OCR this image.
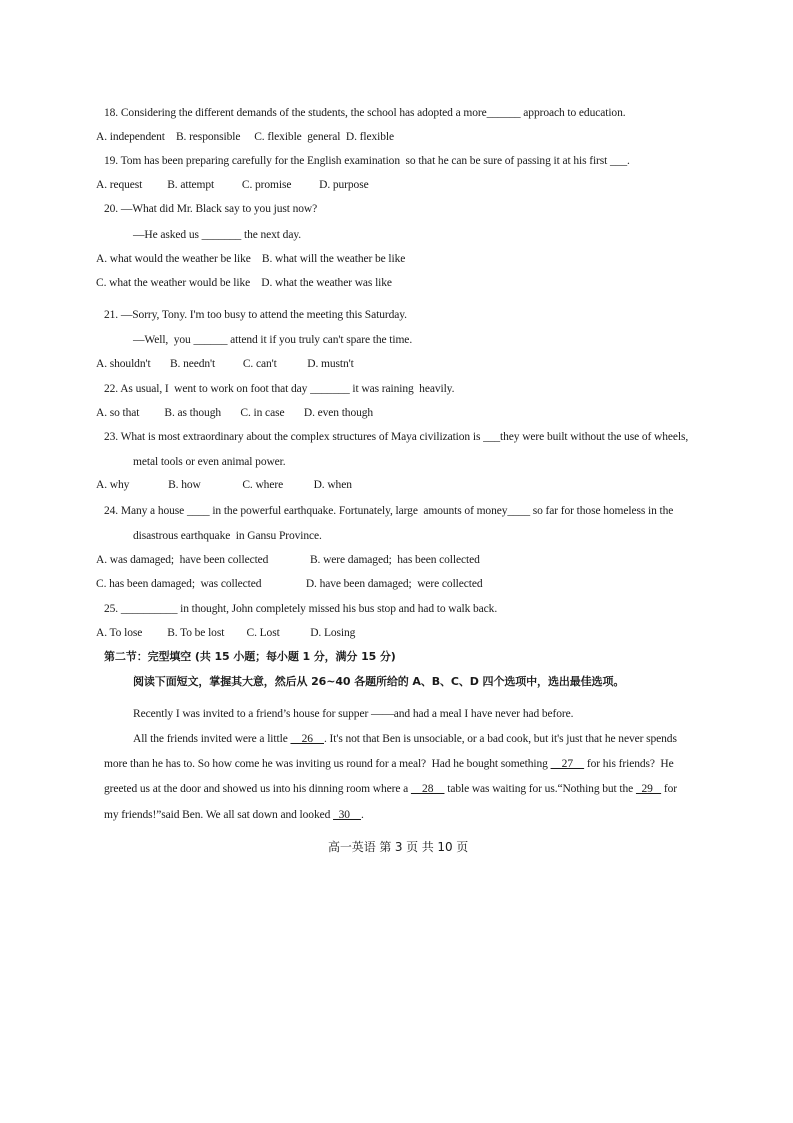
18. Considering the different demands of the students, the school has adopted a more______ approach to education.
A. independent    B. responsible     C. flexible  general  D. flexible
19. Tom has been preparing carefully for the English examination  so that he can be sure of passing it at his first ___.
A. request         B. attempt          C. promise          D. purpose
20. —What did Mr. Black say to you just now?
—He asked us _______ the next day.
A. what would the weather be like    B. what will the weather be like
C. what the weather would be like    D. what the weather was like
21. —Sorry, Tony. I'm too busy to attend the meeting this Saturday.
—Well,  you ______ attend it if you truly can't spare the time.
A. shouldn't       B. needn't          C. can't           D. mustn't
22. As usual, I  went to work on foot that day _______ it was raining  heavily.
A. so that         B. as though       C. in case       D. even though
23. What is most extraordinary about the complex structures of Maya civilization is ___they were built without the use of wheels,
metal tools or even animal power.
A. why              B. how               C. where           D. when
24. Many a house ____ in the powerful earthquake. Fortunately, large  amounts of money____ so far for those homeless in the
disastrous earthquake  in Gansu Province.
A. was damaged;  have been collected               B. were damaged;  has been collected
C. has been damaged;  was collected                D. have been damaged;  were collected
25. __________ in thought, John completely missed his bus stop and had to walk back.
A. To lose         B. To be lost        C. Lost           D. Losing
第二节：完型填空 (共 15 小题；每小题 1 分，满分 15 分)
阅读下面短文，掌握其大意，然后从 26~40 各题所给的 A、B、C、D 四个选项中，选出最佳选项。
Recently I was invited to a friend’s house for supper ——and had a meal I have never had before.
All the friends invited were a little     26    . It's not that Ben is unsociable, or a bad cook, but it's just that he never spends
more than he has to. So how come he was inviting us round for a meal?  Had he bought something     27     for his friends?  He
greeted us at the door and showed us into his dinning room where a     28     table was waiting for us.“Nothing but the   29    for
my friends!”said Ben. We all sat down and looked   30    .
高一英语 第 3 页 共 10 页
